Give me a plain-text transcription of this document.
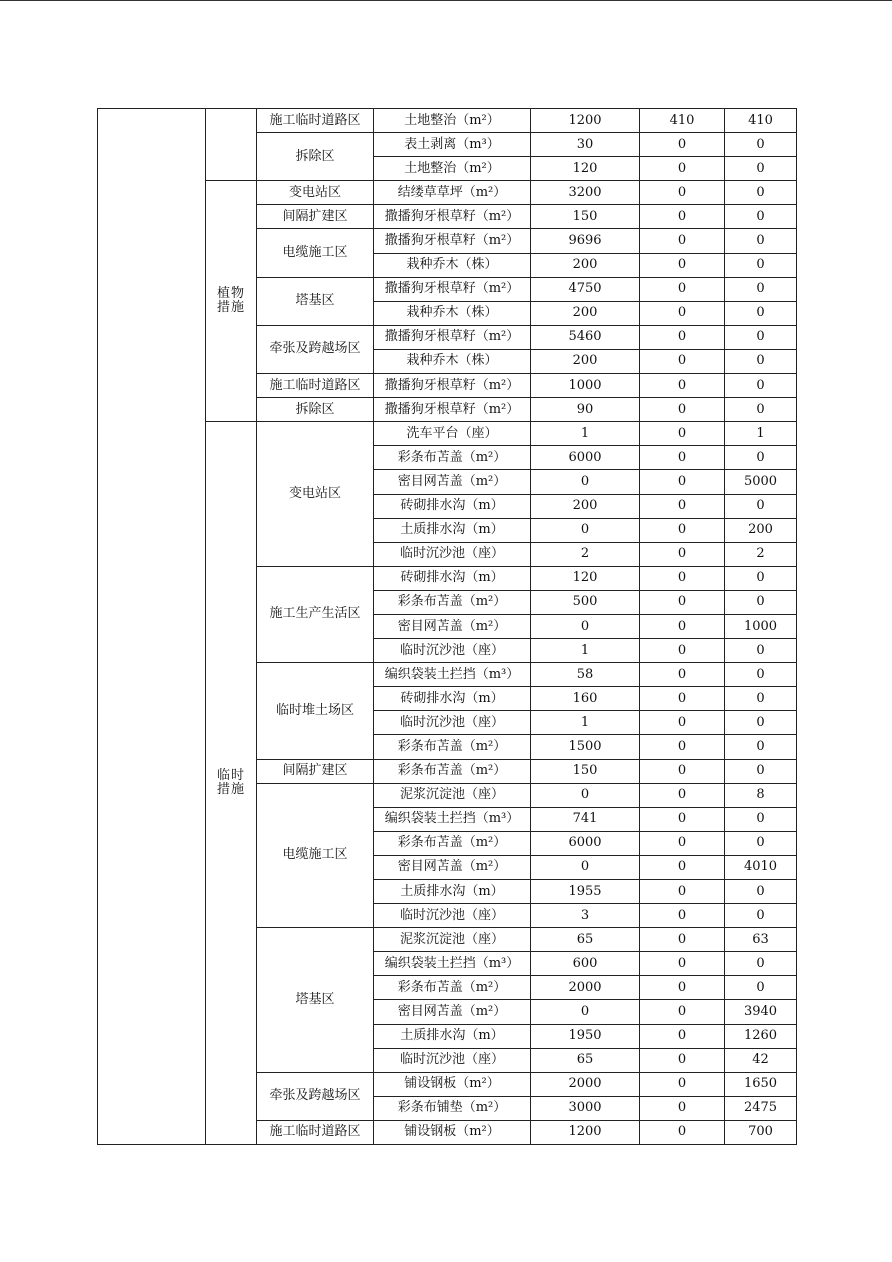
		施工临时道路区	土地整治（m²）	1200	410	410
		拆除区	表土剥离（m³）	30	0	0
			土地整治（m²）	120	0	0
	植物措施	变电站区	结缕草草坪（m²）	3200	0	0
		间隔扩建区	撒播狗牙根草籽（m²）	150	0	0
		电缆施工区	撒播狗牙根草籽（m²）	9696	0	0
			栽种乔木（株）	200	0	0
		塔基区	撒播狗牙根草籽（m²）	4750	0	0
			栽种乔木（株）	200	0	0
		牵张及跨越场区	撒播狗牙根草籽（m²）	5460	0	0
			栽种乔木（株）	200	0	0
		施工临时道路区	撒播狗牙根草籽（m²）	1000	0	0
		拆除区	撒播狗牙根草籽（m²）	90	0	0
	临时措施	变电站区	洗车平台（座）	1	0	1
			彩条布苫盖（m²）	6000	0	0
			密目网苫盖（m²）	0	0	5000
			砖砌排水沟（m）	200	0	0
			土质排水沟（m）	0	0	200
			临时沉沙池（座）	2	0	2
		施工生产生活区	砖砌排水沟（m）	120	0	0
			彩条布苫盖（m²）	500	0	0
			密目网苫盖（m²）	0	0	1000
			临时沉沙池（座）	1	0	0
		临时堆土场区	编织袋装土拦挡（m³）	58	0	0
			砖砌排水沟（m）	160	0	0
			临时沉沙池（座）	1	0	0
			彩条布苫盖（m²）	1500	0	0
		间隔扩建区	彩条布苫盖（m²）	150	0	0
		电缆施工区	泥浆沉淀池（座）	0	0	8
			编织袋装土拦挡（m³）	741	0	0
			彩条布苫盖（m²）	6000	0	0
			密目网苫盖（m²）	0	0	4010
			土质排水沟（m）	1955	0	0
			临时沉沙池（座）	3	0	0
		塔基区	泥浆沉淀池（座）	65	0	63
			编织袋装土拦挡（m³）	600	0	0
			彩条布苫盖（m²）	2000	0	0
			密目网苫盖（m²）	0	0	3940
			土质排水沟（m）	1950	0	1260
			临时沉沙池（座）	65	0	42
		牵张及跨越场区	铺设钢板（m²）	2000	0	1650
			彩条布铺垫（m²）	3000	0	2475
		施工临时道路区	铺设钢板（m²）	1200	0	700
